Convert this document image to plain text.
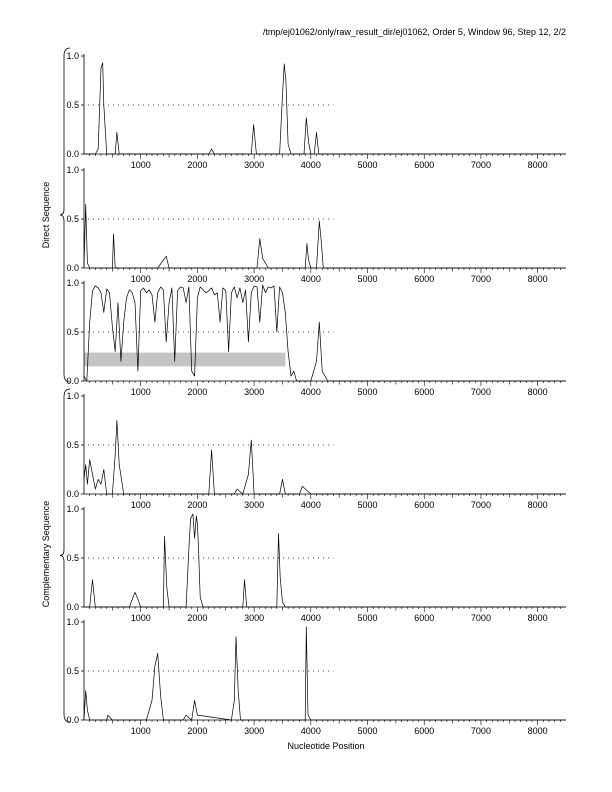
/tmp/ej01062/only/raw_result_dir/ej01062, Order 5, Window 96, Step 12, 2/2
0.0
0.5
1.0
1000	2000	3000	4000	5000	6000	7000	8000
0.0
0.5
1.0
1000	2000	3000	4000	5000	6000	7000	8000
0.0
0.5
1.0
1000	2000	3000	4000	5000	6000	7000	8000
0.0
0.5
1.0
1000	2000	3000	4000	5000	6000	7000	8000
0.0
0.5
1.0
1000	2000	3000	4000	5000	6000	7000	8000
0.0
0.5
1.0
1000	2000	3000	4000	5000	6000	7000	8000
Direct Sequence
Complementary Sequence
Nucleotide Position
